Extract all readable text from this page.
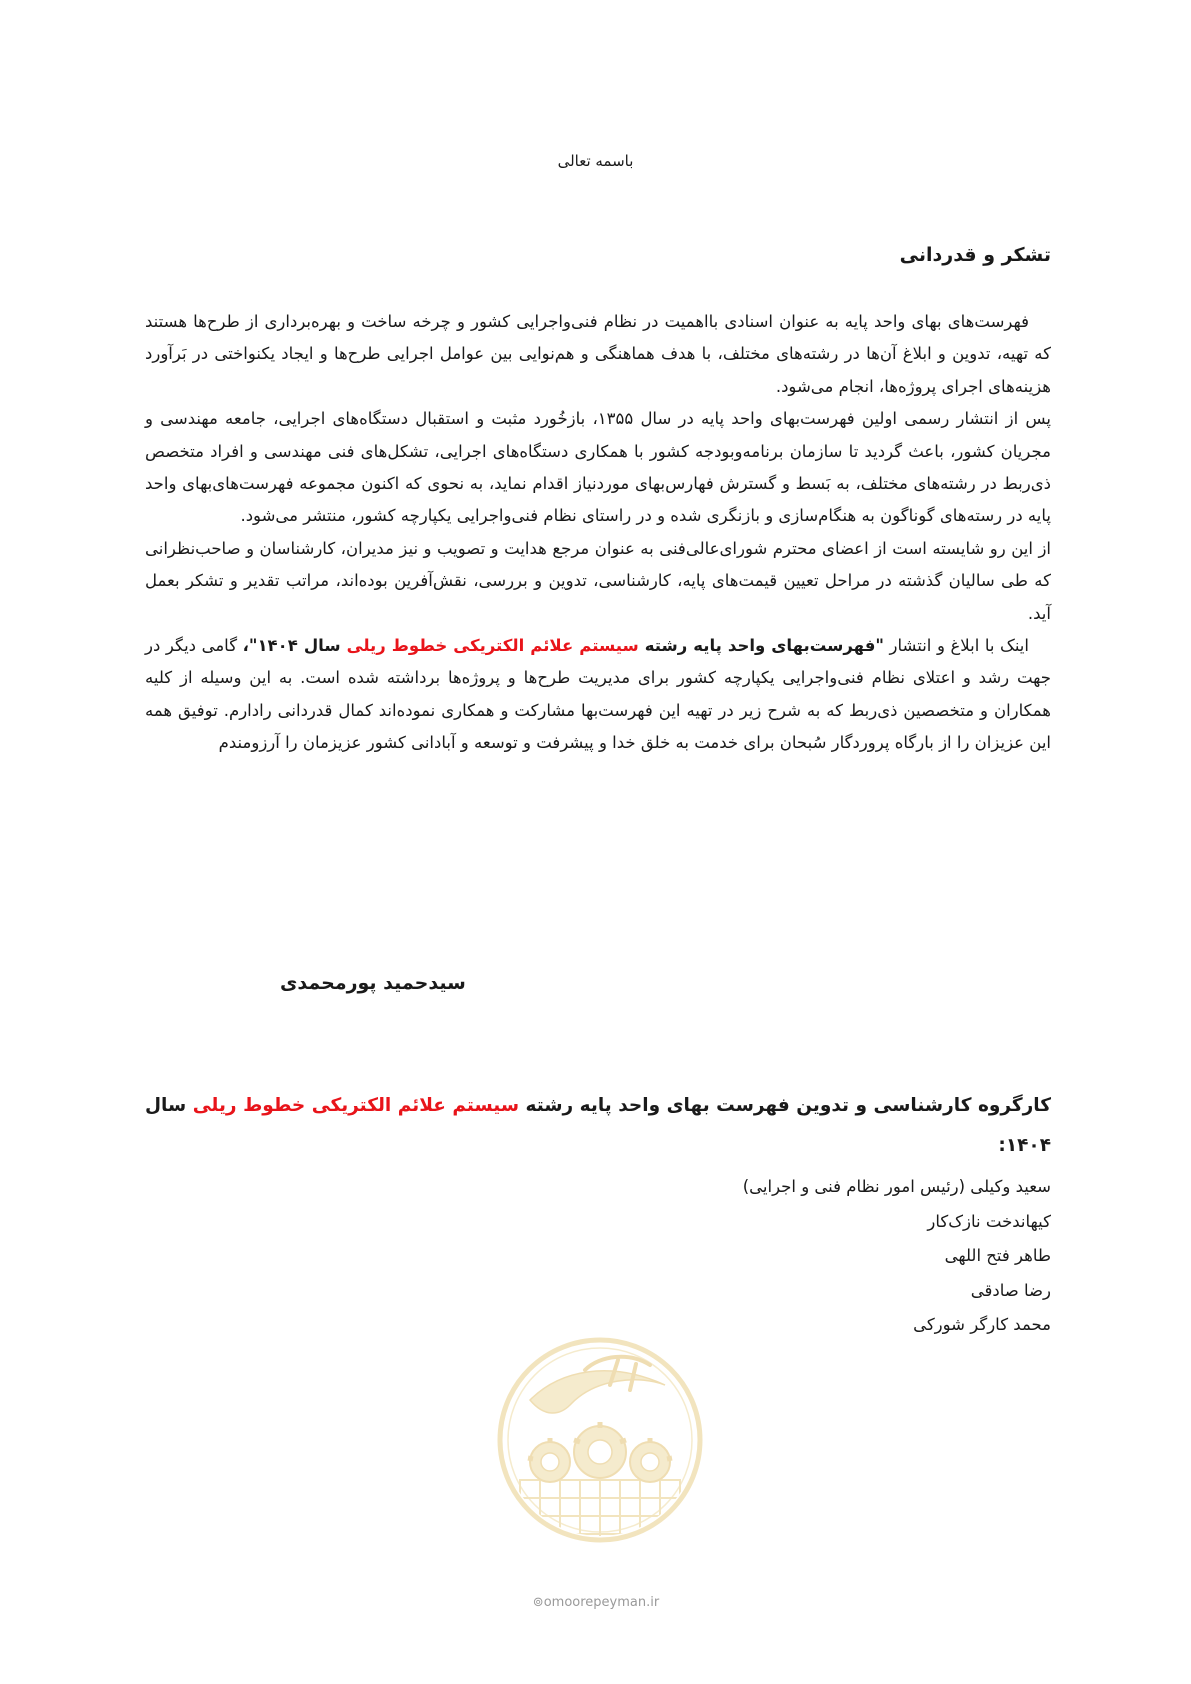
باسمه تعالی
تشکر و قدردانی

فهرست‌های بهای واحد پایه به عنوان اسنادی بااهمیت در نظام فنی‌واجرایی کشور و چرخه ساخت و بهره‌برداری از طرح‌ها هستند که تهیه، تدوین و ابلاغ آن‌ها در رشته‌های مختلف، با هدف هماهنگی و هم‌نوایی بین عوامل اجرایی طرح‌ها و ایجاد یکنواختی در بَرآورد هزینه‌های اجرای پروژه‌ها، انجام می‌شود.

پس از انتشار رسمی اولین فهرست‌بهای واحد پایه در سال ۱۳۵۵، بازخُورد مثبت و استقبال دستگاه‌های اجرایی، جامعه مهندسی و مجریان کشور، باعث گردید تا سازمان برنامه‌وبودجه کشور با همکاری دستگاه‌های اجرایی، تشکل‌های فنی مهندسی و افراد متخصص ذی‌ربط در رشته‌های مختلف، به بَسط و گسترش فهارس‌بهای موردنیاز اقدام نماید، به نحوی که اکنون مجموعه فهرست‌های‌بهای واحد پایه در رسته‌های گوناگون به هنگام‌سازی و بازنگری شده و در راستای نظام فنی‌واجرایی یکپارچه کشور، منتشر می‌شود.

از این رو شایسته است از اعضای محترم شورای‌عالی‌فنی به عنوان مرجع هدایت و تصویب و نیز مدیران، کارشناسان و صاحب‌نظرانی که طی سالیان گذشته در مراحل تعیین قیمت‌های پایه، کارشناسی، تدوین و بررسی، نقش‌آفرین بوده‌اند، مراتب تقدیر و تشکر بعمل آید.

اینک با ابلاغ و انتشار "فهرست‌بهای واحد پایه رشته سیستم علائم الکتریکی خطوط ریلی سال ۱۴۰۴"، گامی دیگر در جهت رشد و اعتلای نظام فنی‌واجرایی یکپارچه کشور برای مدیریت طرح‌ها و پروژه‌ها برداشته شده است. به این وسیله از کلیه همکاران و متخصصین ذی‌ربط که به شرح زیر در تهیه این فهرست‌بها مشارکت و همکاری نموده‌اند کمال قدردانی رادارم. توفیق همه این عزیزان را از بارگاه پروردگار سُبحان برای خدمت به خلق خدا و پیشرفت و توسعه و آبادانی کشور عزیزمان را آرزومندم

سیدحمید پورمحمدی
کارگروه کارشناسی و تدوین فهرست بهای واحد پایه رشته سیستم علائم الکتریکی خطوط ریلی سال ۱۴۰۴:
سعید وکیلی (رئیس امور نظام فنی و اجرایی)
کیهاندخت نازک‌کار
طاهر فتح اللهی
رضا صادقی
محمد کارگر شورکی
⊚omoorepeyman.ir
